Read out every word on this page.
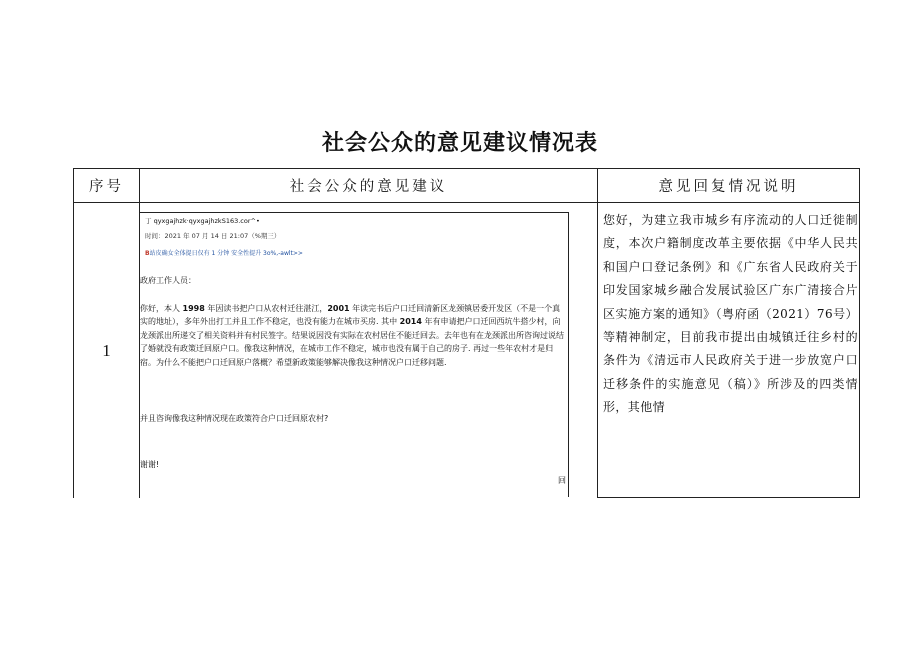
社会公众的意见建议情况表
序号	社会公众的意见建议	意见回复情况说明
1
您好，为建立我市城乡有序流动的人口迁徙制度，本次户籍制度改革主要依据《中华人民共和国户口登记条例》和《广东省人民政府关于印发国家城乡融合发展试验区广东广清接合片区实施方案的通知》（粤府函（2021）76号）等精神制定，目前我市提出由城镇迁往乡村的条件为《清远市人民政府关于进一步放宽户口迁移条件的实施意见（稿）》所涉及的四类情形，其他情
丁 qyxgajhzk·qyxgajhzkS163.cor^•
时间：2021 年 07 月 14 日 21:07（%期三）
B站皮确女全体提日仅有 1 分钟 安全性提升 3o%,-awlt>>
政府工作人员：
你好，本人 1998 年因读书把户口从农村迁往湛江，2001 年读完书后户口迁回清新区龙颈镇居委开发区（不是一个真实的地址），多年外出打工并且工作不稳定，也没有能力在城市买房. 其中 2014 年有申请把户口迁回西坑牛搭少村，向龙颈派出所递交了相关资料并有村民签字。结果说因没有实际在农村居住不能迁回去。去年也有在龙颈派出所咨询过说结了婚就没有政策迁回原户口。像我这种情况，在城市工作不稳定，城市也没有属于自己的房子. 再过一些年农村才是归宿。为什么不能把户口迁回原户落概？希望新政策能够解决像我这种情况户口迁移问题.
并且咨询像我这种情况现在政策符合户口迁回原农村?
谢谢!
回
